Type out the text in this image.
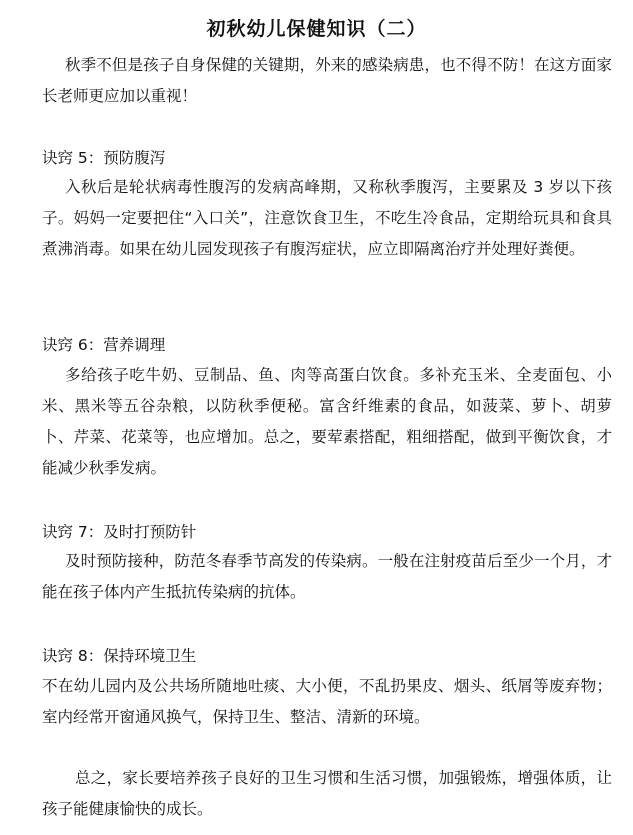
初秋幼儿保健知识（二）

秋季不但是孩子自身保健的关键期，外来的感染病患，也不得不防！在这方面家长老师更应加以重视！

诀窍 5：预防腹泻

入秋后是轮状病毒性腹泻的发病高峰期，又称秋季腹泻，主要累及 3 岁以下孩子。妈妈一定要把住“入口关”，注意饮食卫生，不吃生冷食品，定期给玩具和食具煮沸消毒。如果在幼儿园发现孩子有腹泻症状，应立即隔离治疗并处理好粪便。

诀窍 6：营养调理

多给孩子吃牛奶、豆制品、鱼、肉等高蛋白饮食。多补充玉米、全麦面包、小米、黑米等五谷杂粮，以防秋季便秘。富含纤维素的食品，如菠菜、萝卜、胡萝卜、芹菜、花菜等，也应增加。总之，要荤素搭配，粗细搭配，做到平衡饮食，才能减少秋季发病。

诀窍 7：及时打预防针

及时预防接种，防范冬春季节高发的传染病。一般在注射疫苗后至少一个月，才能在孩子体内产生抵抗传染病的抗体。

诀窍 8：保持环境卫生

不在幼儿园内及公共场所随地吐痰、大小便，不乱扔果皮、烟头、纸屑等废弃物；室内经常开窗通风换气，保持卫生、整洁、清新的环境。

总之，家长要培养孩子良好的卫生习惯和生活习惯，加强锻炼，增强体质，让孩子能健康愉快的成长。
